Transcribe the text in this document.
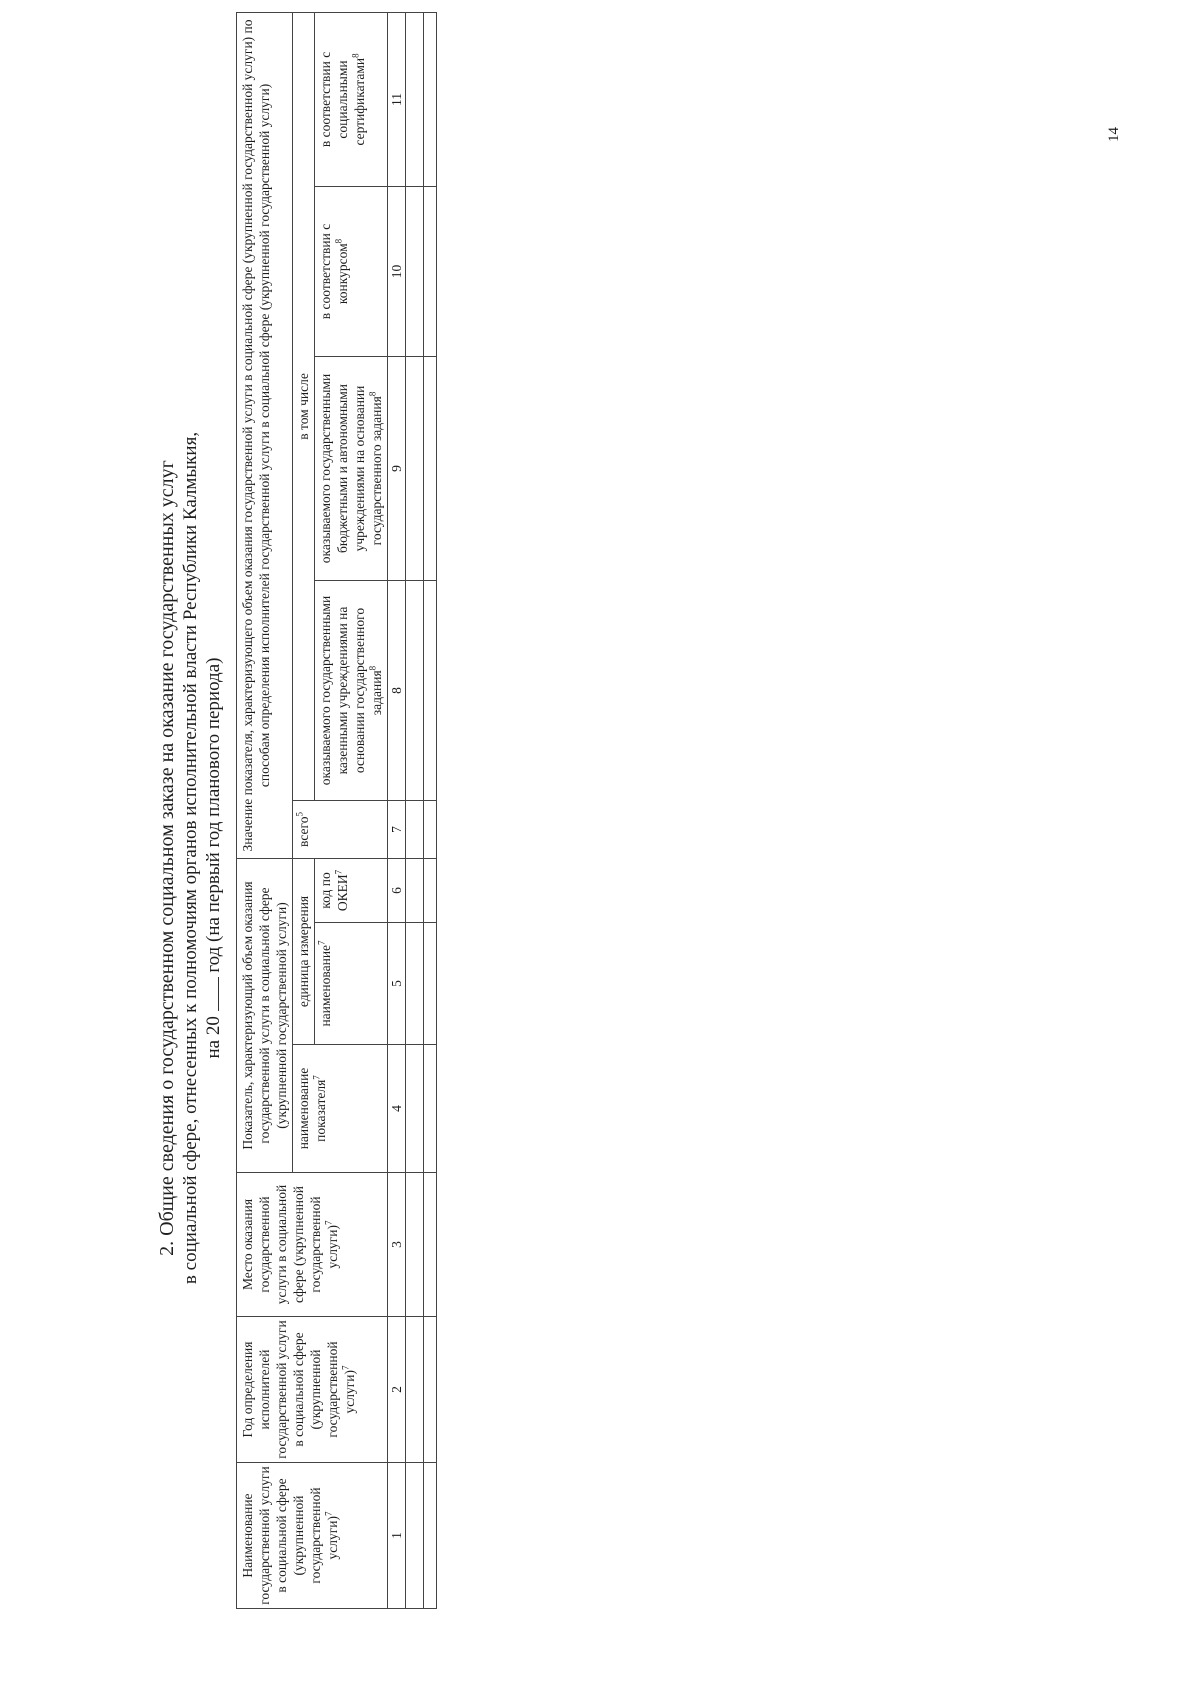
14
2. Общие сведения о государственном социальном заказе на оказание государственных услуг в социальной сфере, отнесенных к полномочиям органов исполнительной власти Республики Калмыкия, на 20  год (на первый год планового периода)
Наименование государственной услуги в социальной сфере (укрупненной государственной услуги)$^7$	Год определения исполнителей государственной услуги в социальной сфере (укрупненной государственной услуги)$^7$	Место оказания государственной услуги в социальной сфере (укрупненной государственной услуги)$^7$	Показатель, характеризующий объем оказания государственной услуги в социальной сфере (укрупненной государственной услуги)			Значение показателя, характеризующего объем оказания государственной услуги в социальной сфере (укрупненной государственной услуги) по способам определения исполнителей государственной услуги в социальной сфере (укрупненной государственной услуги)				
			наименование показателя$^7$	единица измерения		всего$^5$	в том числе			
				наименование$^7$	код по ОКЕИ$^7$		оказываемого государственными казенными учреждениями на основании государственного задания$^8$	оказываемого государственными бюджетными и автономными учреждениями на основании государственного задания$^8$	в соответствии с конкурсом$^8$	в соответствии с социальными сертификатами$^8$

1	2	3	4	5	6	7	8	9	10	11
